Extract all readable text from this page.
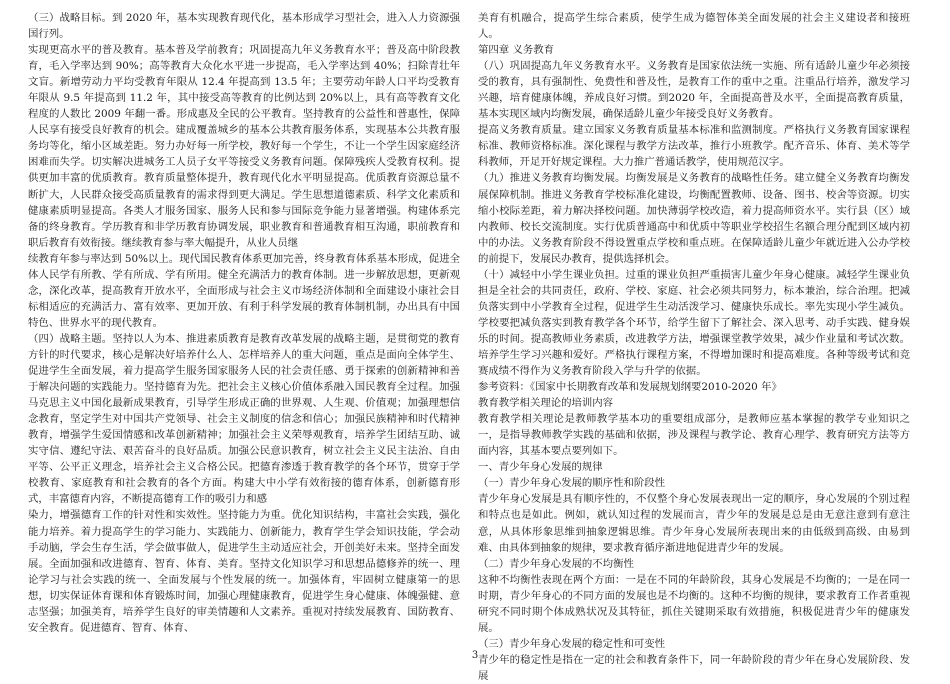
（三）战略目标。到 2020 年，基本实现教育现代化，基本形成学习型社会，进入人力资源强国行列。

实现更高水平的普及教育。基本普及学前教育；巩固提高九年义务教育水平；普及高中阶段教育，毛入学率达到 90%；高等教育大众化水平进一步提高，毛入学率达到 40%；扫除青壮年文盲。新增劳动力平均受教育年限从 12.4 年提高到 13.5 年；主要劳动年龄人口平均受教育年限从 9.5 年提高到 11.2 年，其中接受高等教育的比例达到 20%以上，具有高等教育文化程度的人数比 2009 年翻一番。形成惠及全民的公平教育。坚持教育的公益性和普惠性，保障人民享有接受良好教育的机会。建成覆盖城乡的基本公共教育服务体系，实现基本公共教育服务均等化，缩小区域差距。努力办好每一所学校，教好每一个学生，不让一个学生因家庭经济困难而失学。切实解决进城务工人员子女平等接受义务教育问题。保障残疾人受教育权利。提供更加丰富的优质教育。教育质量整体提升，教育现代化水平明显提高。优质教育资源总量不断扩大，人民群众接受高质量教育的需求得到更大满足。学生思想道德素质、科学文化素质和健康素质明显提高。各类人才服务国家、服务人民和参与国际竞争能力显著增强。构建体系完备的终身教育。学历教育和非学历教育协调发展，职业教育和普通教育相互沟通，职前教育和职后教育有效衔接。继续教育参与率大幅提升，从业人员继

续教育年参与率达到 50%以上。现代国民教育体系更加完善，终身教育体系基本形成，促进全体人民学有所教、学有所成、学有所用。健全充满活力的教育体制。进一步解放思想，更新观念，深化改革，提高教育开放水平，全面形成与社会主义市场经济体制和全面建设小康社会目标相适应的充满活力、富有效率、更加开放、有利于科学发展的教育体制机制，办出具有中国特色、世界水平的现代教育。

（四）战略主题。坚持以人为本、推进素质教育是教育改革发展的战略主题，是贯彻党的教育方针的时代要求，核心是解决好培养什么人、怎样培养人的重大问题，重点是面向全体学生、促进学生全面发展，着力提高学生服务国家服务人民的社会责任感、勇于探索的创新精神和善于解决问题的实践能力。坚持德育为先。把社会主义核心价值体系融入国民教育全过程。加强马克思主义中国化最新成果教育，引导学生形成正确的世界观、人生观、价值观；加强理想信念教育，坚定学生对中国共产党领导、社会主义制度的信念和信心；加强民族精神和时代精神教育，增强学生爱国情感和改革创新精神；加强社会主义荣辱观教育，培养学生团结互助、诚实守信、遵纪守法、艰苦奋斗的良好品质。加强公民意识教育，树立社会主义民主法治、自由平等、公平正义理念，培养社会主义合格公民。把德育渗透于教育教学的各个环节，贯穿于学校教育、家庭教育和社会教育的各个方面。构建大中小学有效衔接的德育体系，创新德育形式，丰富德育内容，不断提高德育工作的吸引力和感

染力，增强德育工作的针对性和实效性。坚持能力为重。优化知识结构，丰富社会实践，强化能力培养。着力提高学生的学习能力、实践能力、创新能力，教育学生学会知识技能，学会动手动脑，学会生存生活，学会做事做人，促进学生主动适应社会，开创美好未来。坚持全面发展。全面加强和改进德育、智育、体育、美育。坚持文化知识学习和思想品德修养的统一、理论学习与社会实践的统一、全面发展与个性发展的统一。加强体育，牢固树立健康第一的思想，切实保证体育课和体育锻炼时间，加强心理健康教育，促进学生身心健康、体魄强健、意志坚强；加强美育，培养学生良好的审美情趣和人文素养。重视对持续发展教育、国防教育、安全教育。促进德育、智育、体育、

美育有机融合，提高学生综合素质，使学生成为德智体美全面发展的社会主义建设者和接班人。

第四章 义务教育

（八）巩固提高九年义务教育水平。义务教育是国家依法统一实施、所有适龄儿童少年必须接受的教育，具有强制性、免费性和普及性，是教育工作的重中之重。注重品行培养，激发学习兴趣，培育健康体魄，养成良好习惯。到2020 年，全面提高普及水平，全面提高教育质量，基本实现区域内均衡发展，确保适龄儿童少年接受良好义务教育。

提高义务教育质量。建立国家义务教育质量基本标准和监测制度。严格执行义务教育国家课程标准、教师资格标准。深化课程与教学方法改革，推行小班教学。配齐音乐、体育、美术等学科教师，开足开好规定课程。大力推广普通话教学，使用规范汉字。

（九）推进义务教育均衡发展。均衡发展是义务教育的战略性任务。建立健全义务教育均衡发展保障机制。推进义务教育学校标准化建设，均衡配置教师、设备、图书、校舍等资源。切实缩小校际差距，着力解决择校问题。加快薄弱学校改造，着力提高师资水平。实行县（区）域内教师、校长交流制度。实行优质普通高中和优质中等职业学校招生名额合理分配到区域内初中的办法。义务教育阶段不得设置重点学校和重点班。在保障适龄儿童少年就近进入公办学校的前提下，发展民办教育，提供选择机会。

（十）减轻中小学生课业负担。过重的课业负担严重损害儿童少年身心健康。减轻学生课业负担是全社会的共同责任，政府、学校、家庭、社会必须共同努力，标本兼治，综合治理。把减负落实到中小学教育全过程，促进学生生动活泼学习、健康快乐成长。率先实现小学生减负。学校要把减负落实到教育教学各个环节，给学生留下了解社会、深入思考、动手实践、健身娱乐的时间。提高教师业务素质，改进教学方法，增强课堂教学效果，减少作业量和考试次数。培养学生学习兴趣和爱好。严格执行课程方案，不得增加课时和提高难度。各种等级考试和竞赛成绩不得作为义务教育阶段入学与升学的依据。

参考资料：《国家中长期教育改革和发展规划纲要2010-2020 年》

教育教学相关理论的培训内容

教育教学相关理论是教师教学基本功的重要组成部分，是教师应基本掌握的教学专业知识之一，是指导教师教学实践的基础和依据，涉及课程与教学论、教育心理学、教育研究方法等方面内容，其基本要点要列如下。

一、青少年身心发展的规律

（一）青少年身心发展的顺序性和阶段性

青少年身心发展是具有顺序性的，不仅整个身心发展表现出一定的顺序，身心发展的个别过程和特点也是如此。例如，就认知过程的发展而言，青少年的发展是总是由无意注意到有意注意，从具体形象思维到抽象逻辑思维。青少年身心发展所表现出来的由低级到高级、由易到难、由具体到抽象的规律，要求教育循序渐进地促进青少年的发展。

（二）青少年身心发展的不均衡性

这种不均衡性表现在两个方面：一是在不同的年龄阶段，其身心发展是不均衡的；一是在同一时期，青少年身心的不同方面的发展也是不均衡的。这种不均衡的规律，要求教育工作者重视研究不同时期个体成熟状况及其特征，抓住关键期采取有效措施，积极促进青少年的健康发展。

（三）青少年身心发展的稳定性和可变性

青少年的稳定性是指在一定的社会和教育条件下，同一年龄阶段的青少年在身心发展阶段、发展

3
